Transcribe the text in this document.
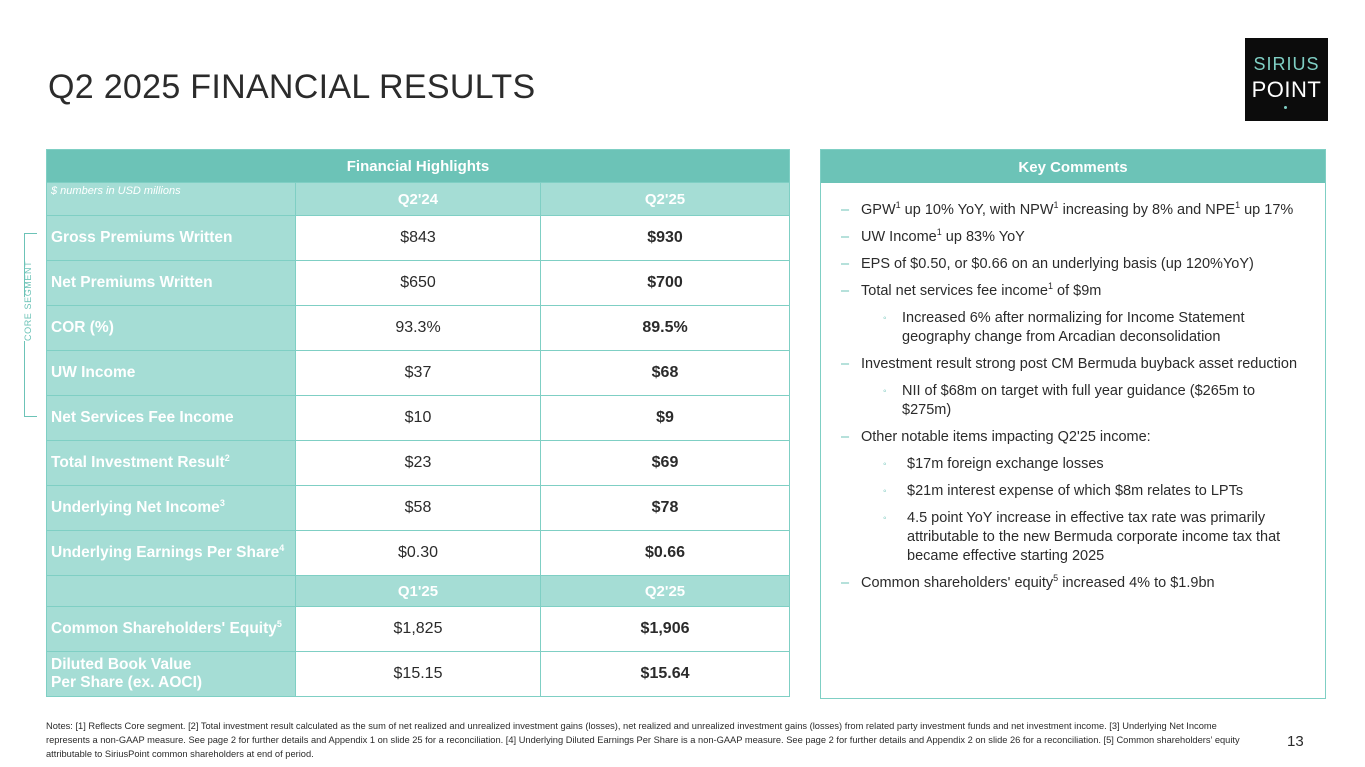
Q2 2025 FINANCIAL RESULTS
SIRIUS
POINT
Financial Highlights		
$ numbers in USD millions	Q2'24	Q2'25
Gross Premiums Written	$843	$930
Net Premiums Written	$650	$700
COR (%)	93.3%	89.5%
UW Income	$37	$68
Net Services Fee Income	$10	$9
Total Investment Result$^2$	$23	$69
Underlying Net Income$^3$	$58	$78
Underlying Earnings Per Share$^4$	$0.30	$0.66
	Q1'25	Q2'25
Common Shareholders' Equity$^5$	$1,825	$1,906
Diluted Book Value
Per Share (ex. AOCI)	$15.15	$15.64
CORE SEGMENT
Key Comments
– GPW$^1$ up 10% YoY, with NPW$^1$ increasing by 8% and NPE$^1$ up 17%
– UW Income$^1$ up 83% YoY
– EPS of $0.50, or $0.66 on an underlying basis (up 120%YoY)
– Total net services fee income$^1$ of $9m
◦ Increased 6% after normalizing for Income Statement geography change from Arcadian deconsolidation
– Investment result strong post CM Bermuda buyback asset reduction
◦ NII of $68m on target with full year guidance ($265m to $275m)
– Other notable items impacting Q2'25 income:
◦ $17m foreign exchange losses
◦ $21m interest expense of which $8m relates to LPTs
◦ 4.5 point YoY increase in effective tax rate was primarily attributable to the new Bermuda corporate income tax that became effective starting 2025
– Common shareholders' equity$^5$ increased 4% to $1.9bn
Notes: [1] Reflects Core segment. [2] Total investment result calculated as the sum of net realized and unrealized investment gains (losses), net realized and unrealized investment gains (losses) from related party investment funds and net investment income. [3] Underlying Net Income represents a non-GAAP measure. See page 2 for further details and Appendix 1 on slide 25 for a reconciliation. [4] Underlying Diluted Earnings Per Share is a non-GAAP measure. See page 2 for further details and Appendix 2 on slide 26 for a reconciliation. [5] Common shareholders’ equity attributable to SiriusPoint common shareholders at end of period.
13
